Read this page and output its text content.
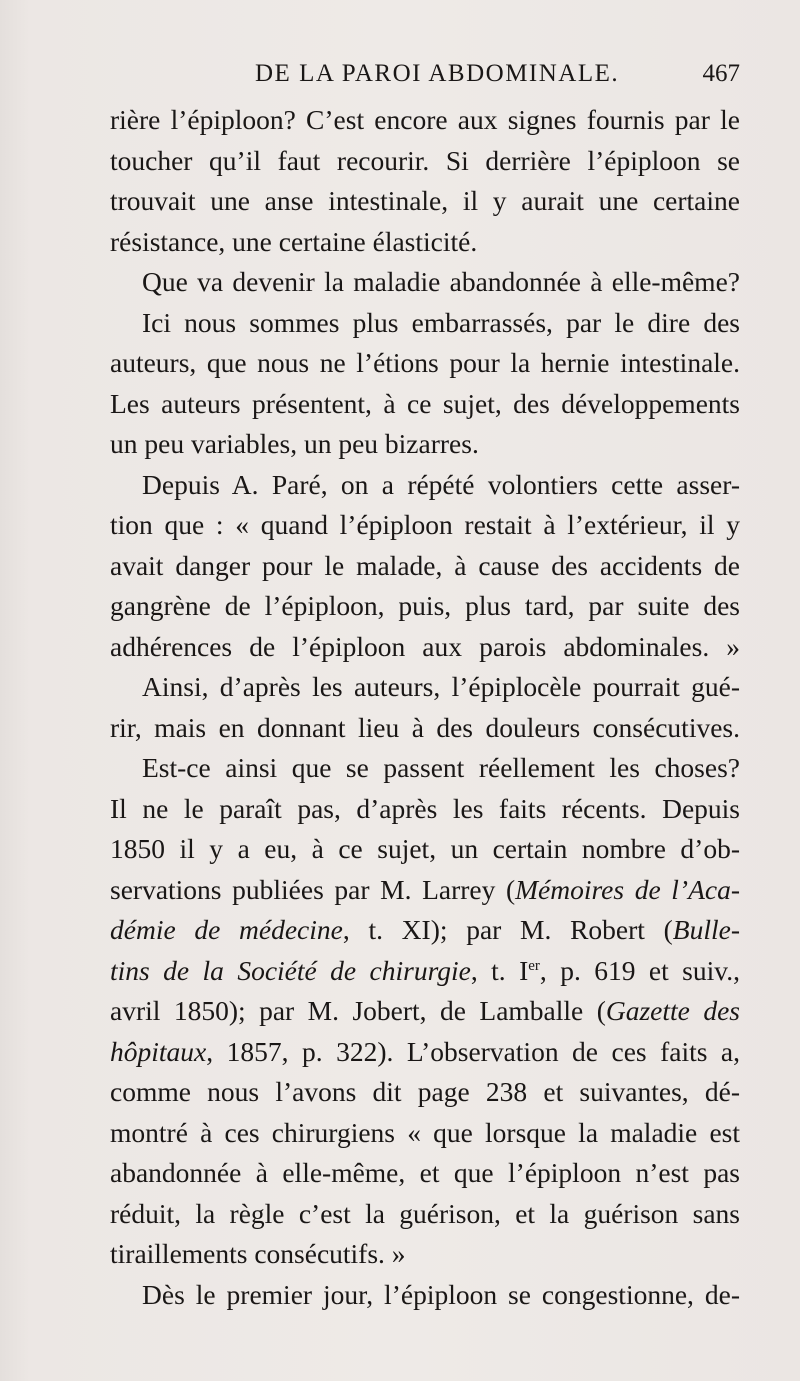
DE LA PAROI ABDOMINALE.	467
rière l’épiploon? C’est encore aux signes fournis par le
toucher qu’il faut recourir. Si derrière l’épiploon se
trouvait une anse intestinale, il y aurait une certaine
résistance, une certaine élasticité.
Que va devenir la maladie abandonnée à elle-même?
Ici nous sommes plus embarrassés, par le dire des
auteurs, que nous ne l’étions pour la hernie intestinale.
Les auteurs présentent, à ce sujet, des développements
un peu variables, un peu bizarres.
Depuis A. Paré, on a répété volontiers cette asser-
tion que : « quand l’épiploon restait à l’extérieur, il y
avait danger pour le malade, à cause des accidents de
gangrène de l’épiploon, puis, plus tard, par suite des
adhérences de l’épiploon aux parois abdominales. »
Ainsi, d’après les auteurs, l’épiplocèle pourrait gué-
rir, mais en donnant lieu à des douleurs consécutives.
Est-ce ainsi que se passent réellement les choses?
Il ne le paraît pas, d’après les faits récents. Depuis
1850 il y a eu, à ce sujet, un certain nombre d’ob-
servations publiées par M. Larrey (Mémoires de l’Aca-
démie de médecine, t. XI); par M. Robert (Bulle-
tins de la Société de chirurgie, t. Ier, p. 619 et suiv.,
avril 1850); par M. Jobert, de Lamballe (Gazette des
hôpitaux, 1857, p. 322). L’observation de ces faits a,
comme nous l’avons dit page 238 et suivantes, dé-
montré à ces chirurgiens « que lorsque la maladie est
abandonnée à elle-même, et que l’épiploon n’est pas
réduit, la règle c’est la guérison, et la guérison sans
tiraillements consécutifs. »
Dès le premier jour, l’épiploon se congestionne, de-
